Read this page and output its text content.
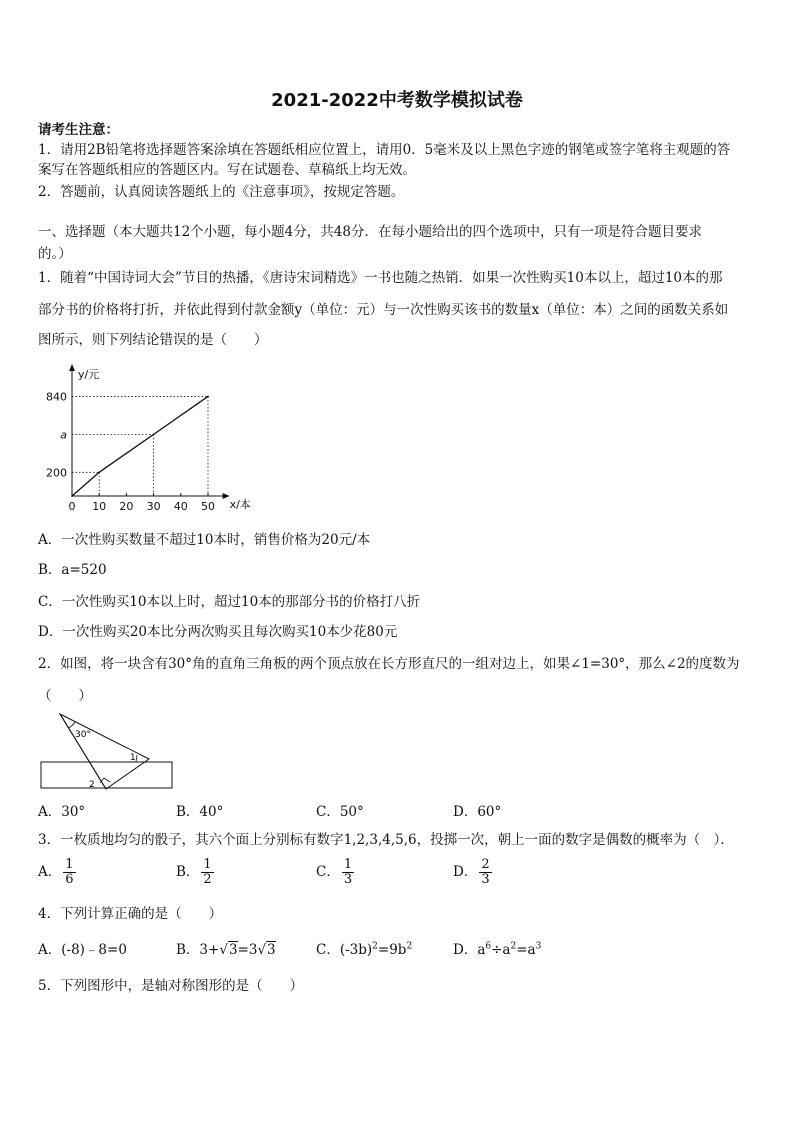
2021-2022中考数学模拟试卷
请考生注意：
1．请用2B铅笔将选择题答案涂填在答题纸相应位置上，请用0．5毫米及以上黑色字迹的钢笔或签字笔将主观题的答
案写在答题纸相应的答题区内。写在试题卷、草稿纸上均无效。
2．答题前，认真阅读答题纸上的《注意事项》，按规定答题。
一、选择题（本大题共12个小题，每小题4分，共48分．在每小题给出的四个选项中，只有一项是符合题目要求
的。）
1．随着“中国诗词大会”节目的热播，《唐诗宋词精选》一书也随之热销．如果一次性购买10本以上，超过10本的那
部分书的价格将打折，并依此得到付款金额y（单位：元）与一次性购买该书的数量x（单位：本）之间的函数关系如
图所示，则下列结论错误的是（　　）
y/元
x/本
0 10 20 30 40 50
200
a
840
A．一次性购买数量不超过10本时，销售价格为20元/本
B．a=520
C．一次性购买10本以上时，超过10本的那部分书的价格打八折
D．一次性购买20本比分两次购买且每次购买10本少花80元
2．如图，将一块含有30°角的直角三角板的两个顶点放在长方形直尺的一组对边上，如果∠1=30°，那么∠2的度数为
（　　）
30°
1
2
A．30°	B．40°	C．50°	D．60°
3．一枚质地均匀的骰子，其六个面上分别标有数字1,2,3,4,5,6，投掷一次，朝上一面的数字是偶数的概率为（　）．
A． $\frac{1}{6}$	B． $\frac{1}{2}$	C． $\frac{1}{3}$	D． $\frac{2}{3}$
4．下列计算正确的是（　　）
A．(-8)﹣8=0	B．3+√3=3√3	C．$(-3b)^2=9b^2$	D．$a^6\div a^2=a^3$
5．下列图形中，是轴对称图形的是（　　）
